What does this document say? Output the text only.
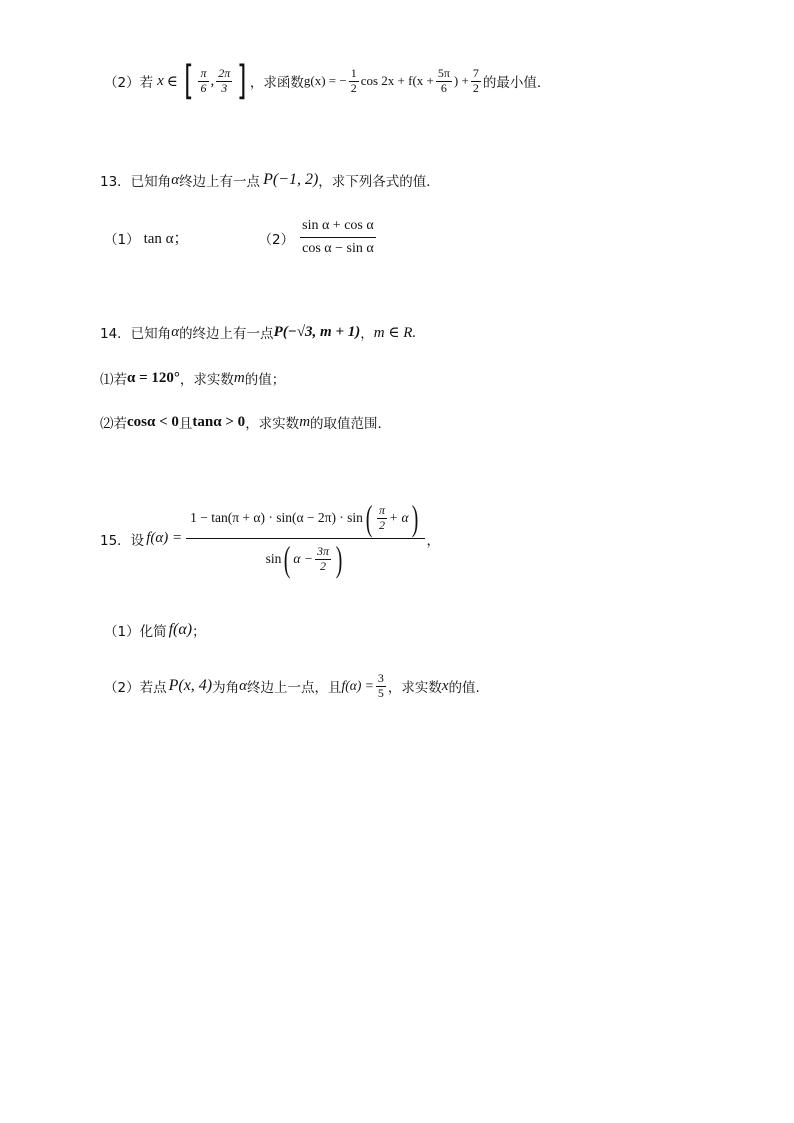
（2）若 x ∈ [ $\frac{\pi}{6}$ , $\frac{2\pi}{3}$ ] ，求函数 g(x) = − $\frac{1}{2}$ $\cos 2x + f(x + \frac{5\pi}{6}$ ) + $\frac{7}{2}$ 的最小值．
13．已知角 α 终边上有一点 P(−1, 2) ，求下列各式的值．
（1） tan α；	$(2) \frac{\text{sin α + cos α}}{\text{cos α − sin α}}$
14．已知角 α 的终边上有一点 P(−√3, m + 1) ， m ∈ R.
⑴若 α = 120° ，求实数 m 的值；
⑵若 cosα < 0 且 tanα > 0 ，求实数 m 的取值范围．
15．设 f(α) =
1 − tan(π + α) · sin(α − 2π) · sin ( $\frac{\pi}{2} + \alpha$ )
sin ( $\alpha - \frac{3\pi}{2}$ )	，
（1）化简 f(α) ；
（2）若点 P(x, 4) 为角 α 终边上一点，且 $f(\alpha) = \frac{3}{5}$ ，求实数 x 的值.
